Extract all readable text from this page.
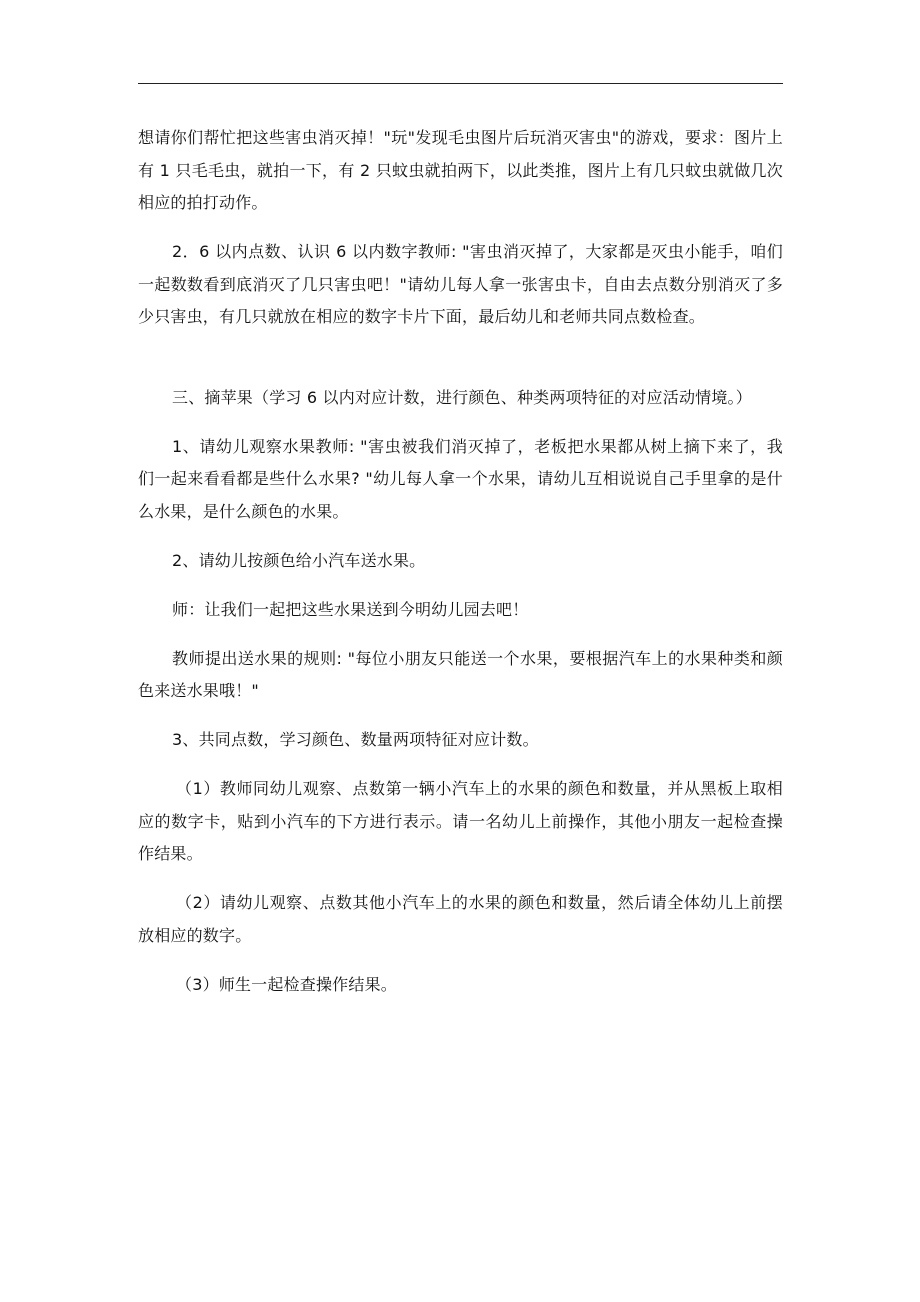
想请你们帮忙把这些害虫消灭掉！"玩"发现毛虫图片后玩消灭害虫"的游戏，要求：图片上有 1 只毛毛虫，就拍一下，有 2 只蚊虫就拍两下，以此类推，图片上有几只蚊虫就做几次相应的拍打动作。

2．6 以内点数、认识 6 以内数字教师: "害虫消灭掉了，大家都是灭虫小能手，咱们一起数数看到底消灭了几只害虫吧！"请幼儿每人拿一张害虫卡，自由去点数分别消灭了多少只害虫，有几只就放在相应的数字卡片下面，最后幼儿和老师共同点数检查。

三、摘苹果（学习 6 以内对应计数，进行颜色、种类两项特征的对应活动情境。）

1、请幼儿观察水果教师: "害虫被我们消灭掉了，老板把水果都从树上摘下来了，我们一起来看看都是些什么水果? "幼儿每人拿一个水果，请幼儿互相说说自己手里拿的是什么水果，是什么颜色的水果。

2、请幼儿按颜色给小汽车送水果。

师：让我们一起把这些水果送到今明幼儿园去吧！

教师提出送水果的规则: "每位小朋友只能送一个水果，要根据汽车上的水果种类和颜色来送水果哦！"

3、共同点数，学习颜色、数量两项特征对应计数。

（1）教师同幼儿观察、点数第一辆小汽车上的水果的颜色和数量，并从黑板上取相应的数字卡，贴到小汽车的下方进行表示。请一名幼儿上前操作，其他小朋友一起检查操作结果。

（2）请幼儿观察、点数其他小汽车上的水果的颜色和数量，然后请全体幼儿上前摆放相应的数字。

（3）师生一起检查操作结果。
